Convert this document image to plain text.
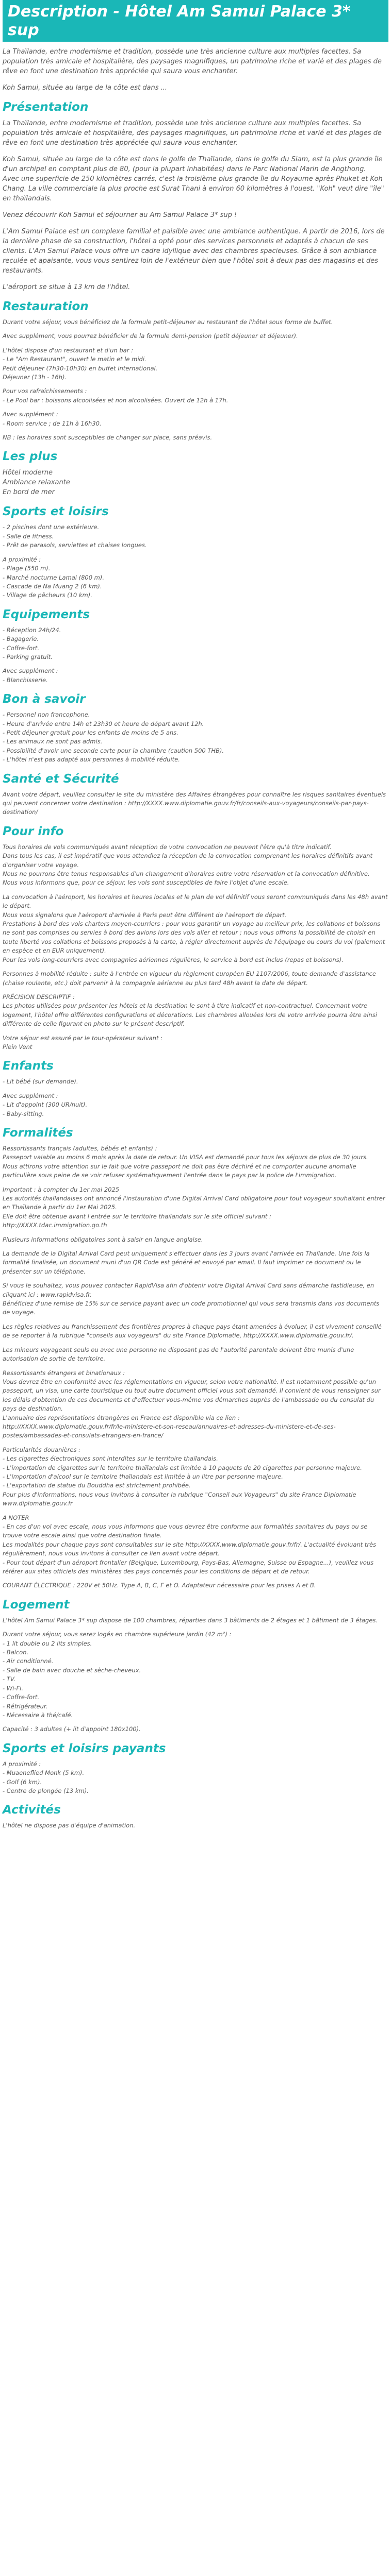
Description - Hôtel Am Samui Palace 3* sup

La Thaïlande, entre modernisme et tradition, possède une très ancienne culture aux multiples facettes. Sa population très amicale et hospitalière, des paysages magnifiques, un patrimoine riche et varié et des plages de rêve en font une destination très appréciée qui saura vous enchanter.

Koh Samui, située au large de la côte est dans ...

Présentation

La Thaïlande, entre modernisme et tradition, possède une très ancienne culture aux multiples facettes. Sa population très amicale et hospitalière, des paysages magnifiques, un patrimoine riche et varié et des plages de rêve en font une destination très appréciée qui saura vous enchanter.

Koh Samui, située au large de la côte est dans le golfe de Thaïlande, dans le golfe du Siam, est la plus grande île d'un archipel en comptant plus de 80, (pour la plupart inhabitées) dans le Parc National Marin de Angthong.
Avec une superficie de 250 kilomètres carrés, c'est la troisième plus grande île du Royaume après Phuket et Koh Chang. La ville commerciale la plus proche est Surat Thani à environ 60 kilomètres à l'ouest. "Koh" veut dire "île" en thaïlandais.

Venez découvrir Koh Samui et séjourner au Am Samui Palace 3* sup !

L'Am Samui Palace est un complexe familial et paisible avec une ambiance authentique. A partir de 2016, lors de la dernière phase de sa construction, l'hôtel a opté pour des services personnels et adaptés à chacun de ses clients. L'Am Samui Palace vous offre un cadre idyllique avec des chambres spacieuses. Grâce à son ambiance reculée et apaisante, vous vous sentirez loin de l'extérieur bien que l'hôtel soit à deux pas des magasins et des restaurants.

L'aéroport se situe à 13 km de l'hôtel.

Restauration

Durant votre séjour, vous bénéficiez de la formule petit-déjeuner au restaurant de l'hôtel sous forme de buffet.

Avec supplément, vous pourrez bénéficier de la formule demi-pension (petit déjeuner et déjeuner).

L'hôtel dispose d'un restaurant et d'un bar :
- Le "Am Restaurant", ouvert le matin et le midi.
Petit déjeuner (7h30-10h30) en buffet international.
Déjeuner (13h - 16h).

Pour vos rafraîchissements :
- Le Pool bar : boissons alcoolisées et non alcoolisées. Ouvert de 12h à 17h.

Avec supplément :
- Room service ; de 11h à 16h30.

NB : les horaires sont susceptibles de changer sur place, sans préavis.

Les plus

Hôtel moderne
Ambiance relaxante
En bord de mer

Sports et loisirs

- 2 piscines dont une extérieure.
- Salle de fitness.
- Prêt de parasols, serviettes et chaises longues.

A proximité :
- Plage (550 m).
- Marché nocturne Lamai (800 m).
- Cascade de Na Muang 2 (6 km).
- Village de pêcheurs (10 km).

Equipements

- Réception 24h/24.
- Bagagerie.
- Coffre-fort.
- Parking gratuit.

Avec supplément :
- Blanchisserie.

Bon à savoir

- Personnel non francophone.
- Heure d'arrivée entre 14h et 23h30 et heure de départ avant 12h.
- Petit déjeuner gratuit pour les enfants de moins de 5 ans.
- Les animaux ne sont pas admis.
- Possibilité d'avoir une seconde carte pour la chambre (caution 500 THB).
- L'hôtel n'est pas adapté aux personnes à mobilité réduite.

Santé et Sécurité

Avant votre départ, veuillez consulter le site du ministère des Affaires étrangères pour connaître les risques sanitaires éventuels qui peuvent concerner votre destination : http://XXXX.www.diplomatie.gouv.fr/fr/conseils-aux-voyageurs/conseils-par-pays-destination/

Pour info

Tous horaires de vols communiqués avant réception de votre convocation ne peuvent l'être qu'à titre indicatif.
Dans tous les cas, il est impératif que vous attendiez la réception de la convocation comprenant les horaires définitifs avant d'organiser votre voyage.
Nous ne pourrons être tenus responsables d'un changement d'horaires entre votre réservation et la convocation définitive.
Nous vous informons que, pour ce séjour, les vols sont susceptibles de faire l'objet d'une escale.

La convocation à l'aéroport, les horaires et heures locales et le plan de vol définitif vous seront communiqués dans les 48h avant le départ.
Nous vous signalons que l'aéroport d'arrivée à Paris peut être différent de l'aéroport de départ.
Prestations à bord des vols charters moyen-courriers : pour vous garantir un voyage au meilleur prix, les collations et boissons ne sont pas comprises ou servies à bord des avions lors des vols aller et retour ; nous vous offrons la possibilité de choisir en toute liberté vos collations et boissons proposés à la carte, à régler directement auprès de l'équipage ou cours du vol (paiement en espèce et en EUR uniquement).
Pour les vols long-courriers avec compagnies aériennes régulières, le service à bord est inclus (repas et boissons).

Personnes à mobilité réduite : suite à l'entrée en vigueur du règlement européen EU 1107/2006, toute demande d'assistance (chaise roulante, etc.) doit parvenir à la compagnie aérienne au plus tard 48h avant la date de départ.

PRÉCISION DESCRIPTIF :
Les photos utilisées pour présenter les hôtels et la destination le sont à titre indicatif et non-contractuel. Concernant votre logement, l'hôtel offre différentes configurations et décorations. Les chambres allouées lors de votre arrivée pourra être ainsi différente de celle figurant en photo sur le présent descriptif.

Votre séjour est assuré par le tour-opérateur suivant :
Plein Vent

Enfants

- Lit bébé (sur demande).

Avec supplément :
- Lit d'appoint (300 UR/nuit).
- Baby-sitting.

Formalités

Ressortissants français (adultes, bébés et enfants) :
Passeport valable au moins 6 mois après la date de retour. Un VISA est demandé pour tous les séjours de plus de 30 jours.
Nous attirons votre attention sur le fait que votre passeport ne doit pas être déchiré et ne comporter aucune anomalie particulière sous peine de se voir refuser systématiquement l'entrée dans le pays par la police de l'immigration.

Important : à compter du 1er mai 2025
Les autorités thaïlandaises ont annoncé l'instauration d'une Digital Arrival Card obligatoire pour tout voyageur souhaitant entrer en Thaïlande à partir du 1er Mai 2025.
Elle doit être obtenue avant l'entrée sur le territoire thaïlandais sur le site officiel suivant :
http://XXXX.tdac.immigration.go.th

Plusieurs informations obligatoires sont à saisir en langue anglaise.

La demande de la Digital Arrival Card peut uniquement s'effectuer dans les 3 jours avant l'arrivée en Thaïlande. Une fois la formalité finalisée, un document muni d'un QR Code est généré et envoyé par email. Il faut imprimer ce document ou le présenter sur un téléphone.

Si vous le souhaitez, vous pouvez contacter RapidVisa afin d'obtenir votre Digital Arrival Card sans démarche fastidieuse, en cliquant ici : www.rapidvisa.fr.
Bénéficiez d'une remise de 15% sur ce service payant avec un code promotionnel qui vous sera transmis dans vos documents de voyage.

Les règles relatives au franchissement des frontières propres à chaque pays étant amenées à évoluer, il est vivement conseillé de se reporter à la rubrique "conseils aux voyageurs" du site France Diplomatie, http://XXXX.www.diplomatie.gouv.fr/.

Les mineurs voyageant seuls ou avec une personne ne disposant pas de l'autorité parentale doivent être munis d'une autorisation de sortie de territoire.

Ressortissants étrangers et binationaux :
Vous devrez être en conformité avec les réglementations en vigueur, selon votre nationalité. Il est notamment possible qu'un passeport, un visa, une carte touristique ou tout autre document officiel vous soit demandé. Il convient de vous renseigner sur les délais d'obtention de ces documents et d'effectuer vous-même vos démarches auprès de l'ambassade ou du consulat du pays de destination.
L'annuaire des représentations étrangères en France est disponible via ce lien :
http://XXXX.www.diplomatie.gouv.fr/fr/le-ministere-et-son-reseau/annuaires-et-adresses-du-ministere-et-de-ses-postes/ambassades-et-consulats-etrangers-en-france/

Particularités douanières :
- Les cigarettes électroniques sont interdites sur le territoire thaïlandais.
- L'importation de cigarettes sur le territoire thaïlandais est limitée à 10 paquets de 20 cigarettes par personne majeure.
- L'importation d'alcool sur le territoire thaïlandais est limitée à un litre par personne majeure.
- L'exportation de statue du Bouddha est strictement prohibée.
Pour plus d'informations, nous vous invitons à consulter la rubrique "Conseil aux Voyageurs" du site France Diplomatie www.diplomatie.gouv.fr

A NOTER
- En cas d'un vol avec escale, nous vous informons que vous devrez être conforme aux formalités sanitaires du pays ou se trouve votre escale ainsi que votre destination finale.
Les modalités pour chaque pays sont consultables sur le site http://XXXX.www.diplomatie.gouv.fr/fr/. L'actualité évoluant très régulièrement, nous vous invitons à consulter ce lien avant votre départ.
- Pour tout départ d'un aéroport frontalier (Belgique, Luxembourg, Pays-Bas, Allemagne, Suisse ou Espagne...), veuillez vous référer aux sites officiels des ministères des pays concernés pour les conditions de départ et de retour.

COURANT ÉLECTRIQUE : 220V et 50Hz. Type A, B, C, F et O. Adaptateur nécessaire pour les prises A et B.

Logement

L'hôtel Am Samui Palace 3* sup dispose de 100 chambres, réparties dans 3 bâtiments de 2 étages et 1 bâtiment de 3 étages.

Durant votre séjour, vous serez logés en chambre supérieure jardin (42 m²) :
- 1 lit double ou 2 lits simples.
- Balcon.
- Air conditionné.
- Salle de bain avec douche et sèche-cheveux.
- TV.
- Wi-Fi.
- Coffre-fort.
- Réfrigérateur.
- Nécessaire à thé/café.

Capacité : 3 adultes (+ lit d'appoint 180x100).

Sports et loisirs payants

A proximité :
- Muaeneflied Monk (5 km).
- Golf (6 km).
- Centre de plongée (13 km).

Activités

L'hôtel ne dispose pas d'équipe d'animation.
